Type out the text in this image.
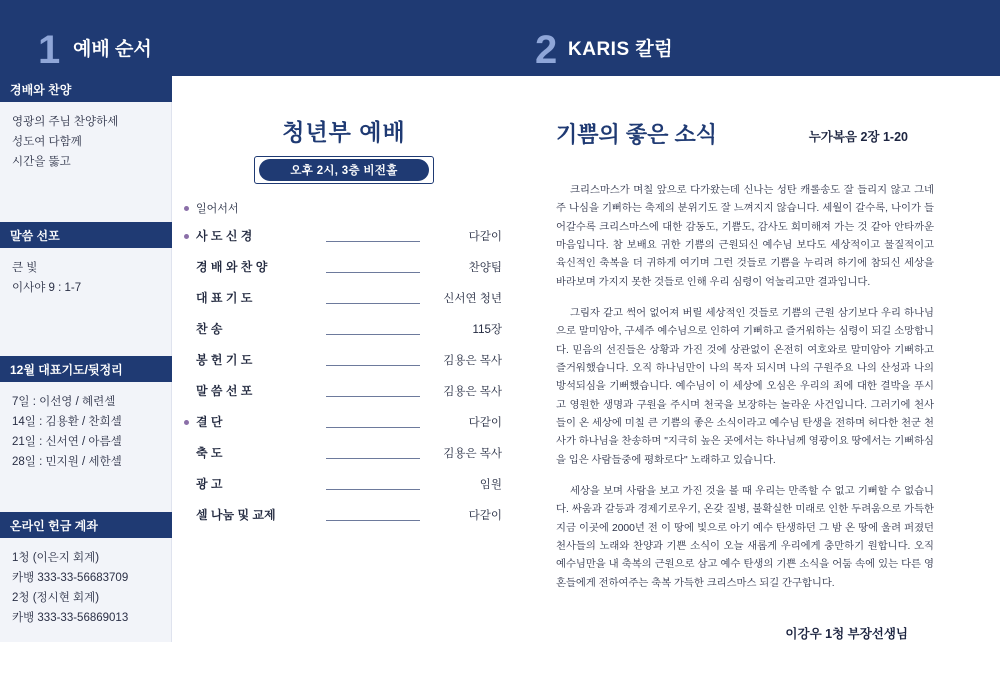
1 예배 순서	2 KARIS 칼럼
경배와 찬양
영광의 주님 찬양하세
성도여 다함께
시간을 뚫고
말씀 선포
큰 빛
이사야 9 : 1-7
12월 대표기도/뒷정리
7일 : 이선영 / 혜련셀
14일 : 김용환 / 찬희셀
21일 : 신서연 / 아름셀
28일 : 민지원 / 세한셀
온라인 헌금 계좌
1청 (이은지 회계)
카뱅 333-33-56683709
2청 (정시현 회계)
카뱅 333-33-56869013
청년부 예배
오후 2시, 3층 비전홀
일어서서
사 도 신 경	다같이
경 배 와 찬 양	찬양팀
대 표 기 도	신서연 청년
찬 송	115장
봉 헌 기 도	김용은 목사
말 씀 선 포	김용은 목사
결 단	다같이
축 도	김용은 목사
광 고	임원
셀 나눔 및 교제	다같이
기쁨의 좋은 소식	누가복음 2장 1-20

크리스마스가 며칠 앞으로 다가왔는데 신나는 성탄 캐롤송도 잘 들리지 않고 그네주 나심을 기뻐하는 축제의 분위기도 잘 느껴지지 않습니다. 세월이 갈수록, 나이가 들어갈수록 크리스마스에 대한 감동도, 기쁨도, 감사도 희미해져 가는 것 같아 안타까운 마음입니다. 참 보배요 귀한 기쁨의 근원되신 예수님 보다도 세상적이고 물질적이고 육신적인 축복을 더 귀하게 여기며 그런 것들로 기쁨을 누리려 하기에 참되신 세상을 바라보며 가지지 못한 것들로 인해 우리 심령이 억눌리고만 결과입니다.

그림자 같고 썩어 없어져 버릴 세상적인 것들로 기쁨의 근원 삼기보다 우리 하나님으로 말미암아, 구세주 예수님으로 인하여 기뻐하고 즐거워하는 심령이 되길 소망합니다. 믿음의 선진들은 상황과 가진 것에 상관없이 온전히 여호와로 말미암아 기뻐하고 즐거워했습니다. 오직 하나님만이 나의 목자 되시며 나의 구원주요 나의 산성과 나의 방석되심을 기뻐했습니다. 예수님이 이 세상에 오심은 우리의 죄에 대한 결박을 푸시고 영원한 생명과 구원을 주시며 천국을 보장하는 놀라운 사건입니다. 그러기에 천사들이 온 세상에 미칠 큰 기쁨의 좋은 소식이라고 예수님 탄생을 전하며 허다한 천군 천사가 하나님을 찬송하며 "지극히 높은 곳에서는 하나님께 영광이요 땅에서는 기뻐하심을 입은 사람들중에 평화로다" 노래하고 있습니다.

세상을 보며 사람을 보고 가진 것을 볼 때 우리는 만족할 수 없고 기뻐할 수 없습니다. 싸움과 갈등과 경제기로우기, 온갖 질병, 불확실한 미래로 인한 두려움으로 가득한 지금 이곳에 2000년 전 이 땅에 빛으로 아기 예수 탄생하던 그 밤 온 땅에 울려 퍼졌던 천사들의 노래와 찬양과 기쁜 소식이 오늘 새롭게 우리에게 충만하기 원합니다. 오직 예수님만을 내 축복의 근원으로 삼고 예수 탄생의 기쁜 소식을 어둠 속에 있는 다른 영혼들에게 전하여주는 축복 가득한 크리스마스 되길 간구합니다.

이강우 1청 부장선생님
